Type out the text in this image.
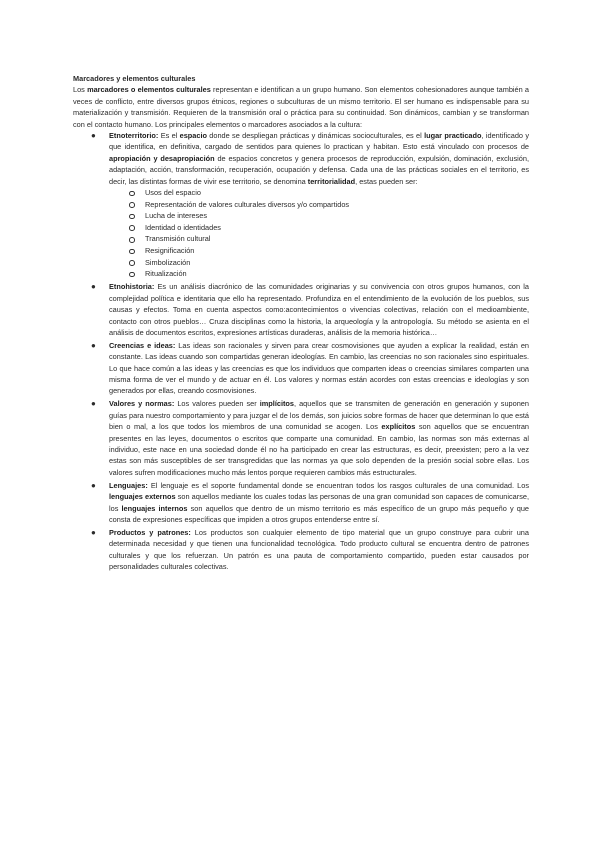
Marcadores y elementos culturales

Los marcadores o elementos culturales representan e identifican a un grupo humano. Son elementos cohesionadores aunque también a veces de conflicto, entre diversos grupos étnicos, regiones o subculturas de un mismo territorio. El ser humano es indispensable para su materialización y transmisión. Requieren de la transmisión oral o práctica para su continuidad. Son dinámicos, cambian y se transforman con el contacto humano. Los principales elementos o marcadores asociados a la cultura:

● Etnoterritorio: Es el espacio donde se despliegan prácticas y dinámicas socioculturales, es el lugar practicado, identificado y que identifica, en definitiva, cargado de sentidos para quienes lo practican y habitan. Esto está vinculado con procesos de apropiación y desapropiación de espacios concretos y genera procesos de reproducción, expulsión, dominación, exclusión, adaptación, acción, transformación, recuperación, ocupación y defensa. Cada una de las prácticas sociales en el territorio, es decir, las distintas formas de vivir ese territorio, se denomina territorialidad, estas pueden ser:

Usos del espacio
Representación de valores culturales diversos y/o compartidos
Lucha de intereses
Identidad o identidades
Transmisión cultural
Resignificación
Simbolización
Ritualización
● Etnohistoria: Es un análisis diacrónico de las comunidades originarias y su convivencia con otros grupos humanos, con la complejidad política e identitaria que ello ha representado. Profundiza en el entendimiento de la evolución de los pueblos, sus causas y efectos. Toma en cuenta aspectos como:acontecimientos o vivencias colectivas, relación con el medioambiente, contacto con otros pueblos… Cruza disciplinas como la historia, la arqueología y la antropología. Su método se asienta en el análisis de documentos escritos, expresiones artísticas duraderas, análisis de la memoria histórica…

● Creencias e ideas: Las ideas son racionales y sirven para crear cosmovisiones que ayuden a explicar la realidad, están en constante. Las ideas cuando son compartidas generan ideologías. En cambio, las creencias no son racionales sino espirituales. Lo que hace común a las ideas y las creencias es que los individuos que comparten ideas o creencias similares comparten una misma forma de ver el mundo y de actuar en él. Los valores y normas están acordes con estas creencias e ideologías y son generados por ellas, creando cosmovisiones.

● Valores y normas: Los valores pueden ser implícitos, aquellos que se transmiten de generación en generación y suponen guías para nuestro comportamiento y para juzgar el de los demás, son juicios sobre formas de hacer que determinan lo que está bien o mal, a los que todos los miembros de una comunidad se acogen. Los explícitos son aquellos que se encuentran presentes en las leyes, documentos o escritos que comparte una comunidad. En cambio, las normas son más externas al individuo, este nace en una sociedad donde él no ha participado en crear las estructuras, es decir, preexisten; pero a la vez estas son más susceptibles de ser transgredidas que las normas ya que solo dependen de la presión social sobre ellas. Los valores sufren modificaciones mucho más lentos porque requieren cambios más estructurales.

● Lenguajes: El lenguaje es el soporte fundamental donde se encuentran todos los rasgos culturales de una comunidad. Los lenguajes externos son aquellos mediante los cuales todas las personas de una gran comunidad son capaces de comunicarse, los lenguajes internos son aquellos que dentro de un mismo territorio es más específico de un grupo más pequeño y que consta de expresiones específicas que impiden a otros grupos entenderse entre sí.

● Productos y patrones: Los productos son cualquier elemento de tipo material que un grupo construye para cubrir una determinada necesidad y que tienen una funcionalidad tecnológica. Todo producto cultural se encuentra dentro de patrones culturales y que los refuerzan. Un patrón es una pauta de comportamiento compartido, pueden estar causados por personalidades culturales colectivas.
